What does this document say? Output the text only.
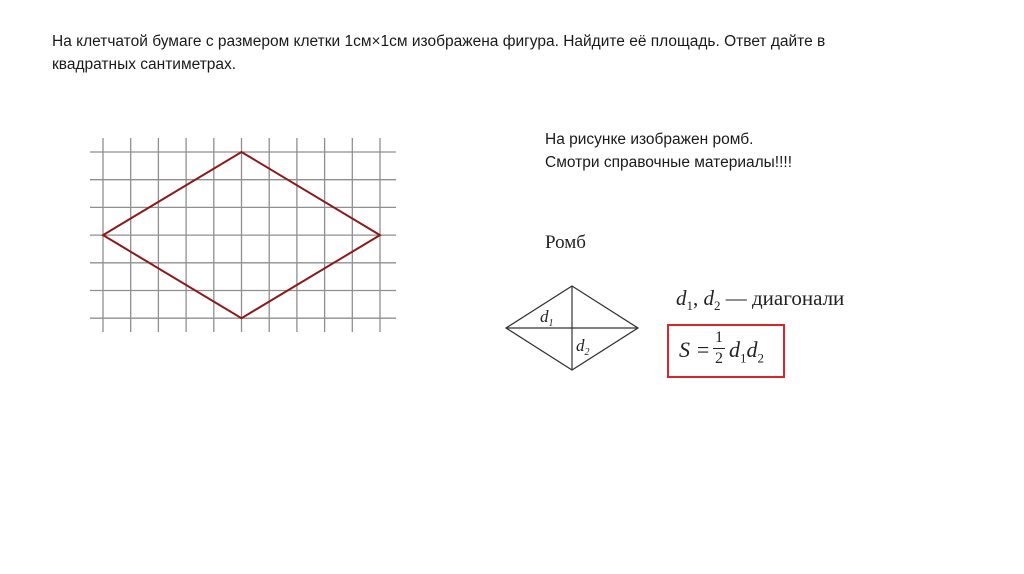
На клетчатой бумаге с размером клетки 1см×1см изображена фигура. Найдите её площадь. Ответ дайте в
квадратных сантиметрах.
На рисунке изображен ромб.
Смотри справочные материалы!!!!
Ромб
$d_1$
$d_2$
$d_1$, $d_2$ — диагонали
S = 1
2 $d_1d_2$
